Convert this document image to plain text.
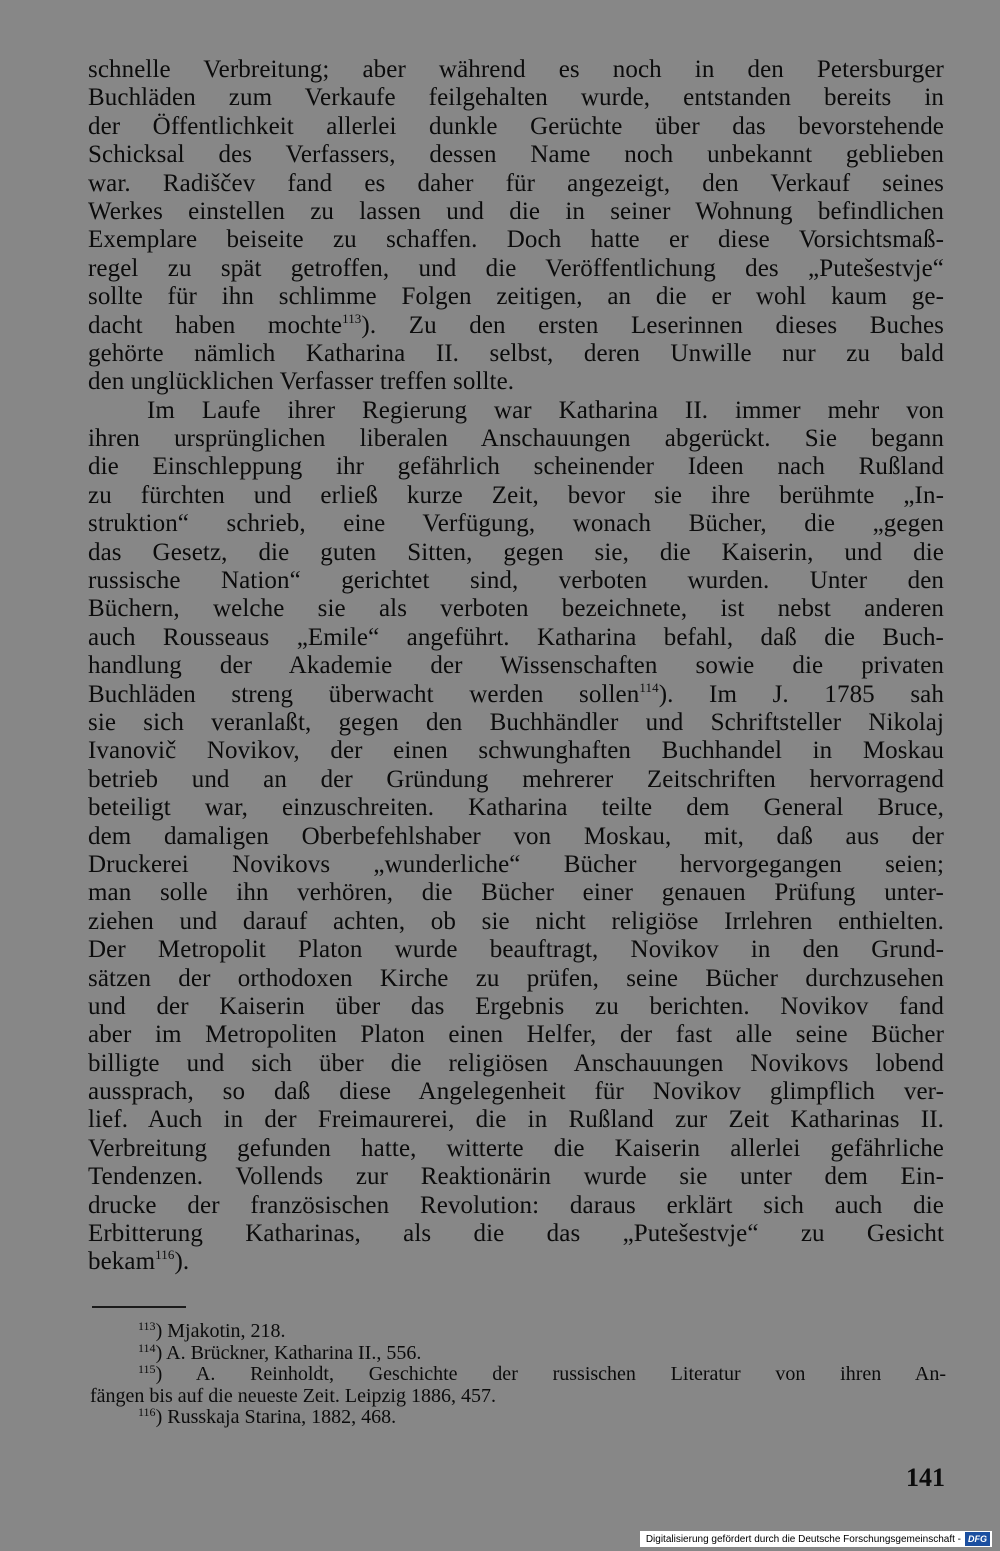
schnelle Verbreitung; aber während es noch in den Petersburger
Buchläden zum Verkaufe feilgehalten wurde, entstanden bereits in
der Öffentlichkeit allerlei dunkle Gerüchte über das bevorstehende
Schicksal des Verfassers, dessen Name noch unbekannt geblieben
war. Radiščev fand es daher für angezeigt, den Verkauf seines
Werkes einstellen zu lassen und die in seiner Wohnung befindlichen
Exemplare beiseite zu schaffen. Doch hatte er diese Vorsichtsmaß-
regel zu spät getroffen, und die Veröffentlichung des „Putešestvje“
sollte für ihn schlimme Folgen zeitigen, an die er wohl kaum ge-
dacht haben mochte$^{113}$). Zu den ersten Leserinnen dieses Buches
gehörte nämlich Katharina II. selbst, deren Unwille nur zu bald
den unglücklichen Verfasser treffen sollte.
Im Laufe ihrer Regierung war Katharina II. immer mehr von
ihren ursprünglichen liberalen Anschauungen abgerückt. Sie begann
die Einschleppung ihr gefährlich scheinender Ideen nach Rußland
zu fürchten und erließ kurze Zeit, bevor sie ihre berühmte „In-
struktion“ schrieb, eine Verfügung, wonach Bücher, die „gegen
das Gesetz, die guten Sitten, gegen sie, die Kaiserin, und die
russische Nation“ gerichtet sind, verboten wurden. Unter den
Büchern, welche sie als verboten bezeichnete, ist nebst anderen
auch Rousseaus „Emile“ angeführt. Katharina befahl, daß die Buch-
handlung der Akademie der Wissenschaften sowie die privaten
Buchläden streng überwacht werden sollen$^{114}$). Im J. 1785 sah
sie sich veranlaßt, gegen den Buchhändler und Schriftsteller Nikolaj
Ivanovič Novikov, der einen schwunghaften Buchhandel in Moskau
betrieb und an der Gründung mehrerer Zeitschriften hervorragend
beteiligt war, einzuschreiten. Katharina teilte dem General Bruce,
dem damaligen Oberbefehlshaber von Moskau, mit, daß aus der
Druckerei Novikovs „wunderliche“ Bücher hervorgegangen seien;
man solle ihn verhören, die Bücher einer genauen Prüfung unter-
ziehen und darauf achten, ob sie nicht religiöse Irrlehren enthielten.
Der Metropolit Platon wurde beauftragt, Novikov in den Grund-
sätzen der orthodoxen Kirche zu prüfen, seine Bücher durchzusehen
und der Kaiserin über das Ergebnis zu berichten. Novikov fand
aber im Metropoliten Platon einen Helfer, der fast alle seine Bücher
billigte und sich über die religiösen Anschauungen Novikovs lobend
aussprach, so daß diese Angelegenheit für Novikov glimpflich ver-
lief. Auch in der Freimaurerei, die in Rußland zur Zeit Katharinas II.
Verbreitung gefunden hatte, witterte die Kaiserin allerlei gefährliche
Tendenzen. Vollends zur Reaktionärin wurde sie unter dem Ein-
drucke der französischen Revolution: daraus erklärt sich auch die
Erbitterung Katharinas, als die das „Putešestvje“ zu Gesicht
bekam$^{116}$).
$^{113}$) Mjakotin, 218.
$^{114}$) A. Brückner, Katharina II., 556.
$^{115}$) A. Reinholdt, Geschichte der russischen Literatur von ihren An-
fängen bis auf die neueste Zeit. Leipzig 1886, 457.
$^{116}$) Russkaja Starina, 1882, 468.
141
Digitalisierung gefördert durch die Deutsche Forschungsgemeinschaft - DFG
